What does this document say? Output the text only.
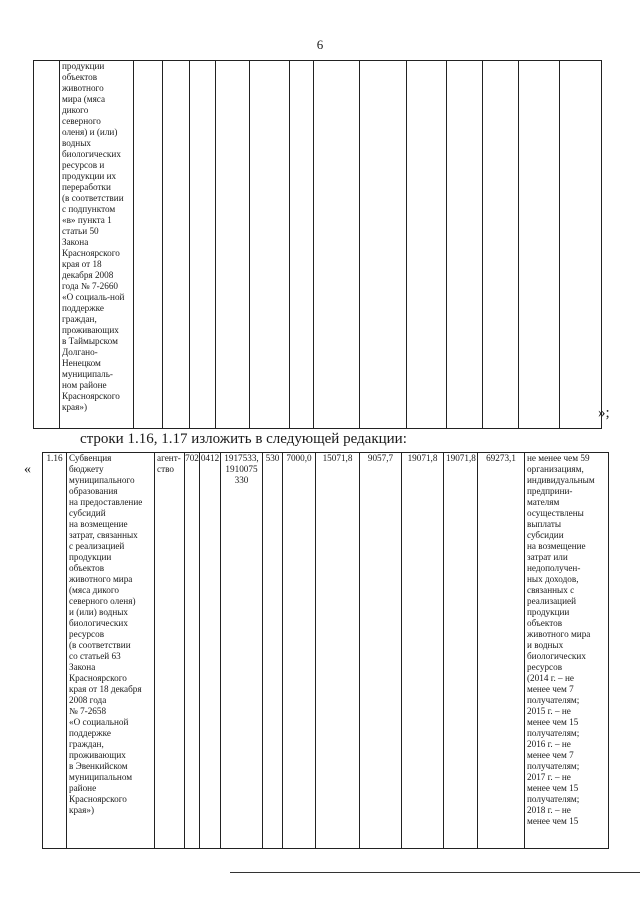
6
	продукции
объектов
животного
мира (мяса
дикого
северного
оленя) и (или)
водных
биологических
ресурсов и
продукции их
переработки
(в соответствии
с подпунктом
«в» пункта 1
статьи 50
Закона
Красноярского
края от 18
декабря 2008
года № 7-2660
«О социаль-ной
поддержке
граждан,
проживающих
в Таймырском
Долгано-
Ненецком
муниципаль-
ном районе
Красноярского
края»)														»;
строки 1.16, 1.17 изложить в следующей редакции:
«
1.16	Субвенция
бюджету
муниципального
образования
на предоставление
субсидий
на возмещение
затрат, связанных
с реализацией
продукции
объектов
животного мира
(мяса дикого
северного оленя)
и (или) водных
биологических
ресурсов
(в соответствии
со статьей 63
Закона
Красноярского
края от 18 декабря
2008 года
№ 7-2658
«О социальной
поддержке
граждан,
проживающих
в Эвенкийском
муниципальном
районе
Красноярского
края»)	агент-
ство	702	0412	1917533,
1910075
330	530	7000,0	15071,8	9057,7	19071,8	19071,8	69273,1	не менее чем 59
организациям,
индивидуальным
предприни-
мателям
осуществлены
выплаты
субсидии
на возмещение
затрат или
недополучен-
ных доходов,
связанных с
реализацией
продукции
объектов
животного мира
и водных
биологических
ресурсов
(2014 г. – не
менее чем 7
получателям;
2015 г. – не
менее чем 15
получателям;
2016 г. – не
менее чем 7
получателям;
2017 г. – не
менее чем 15
получателям;
2018 г. – не
менее чем 15
